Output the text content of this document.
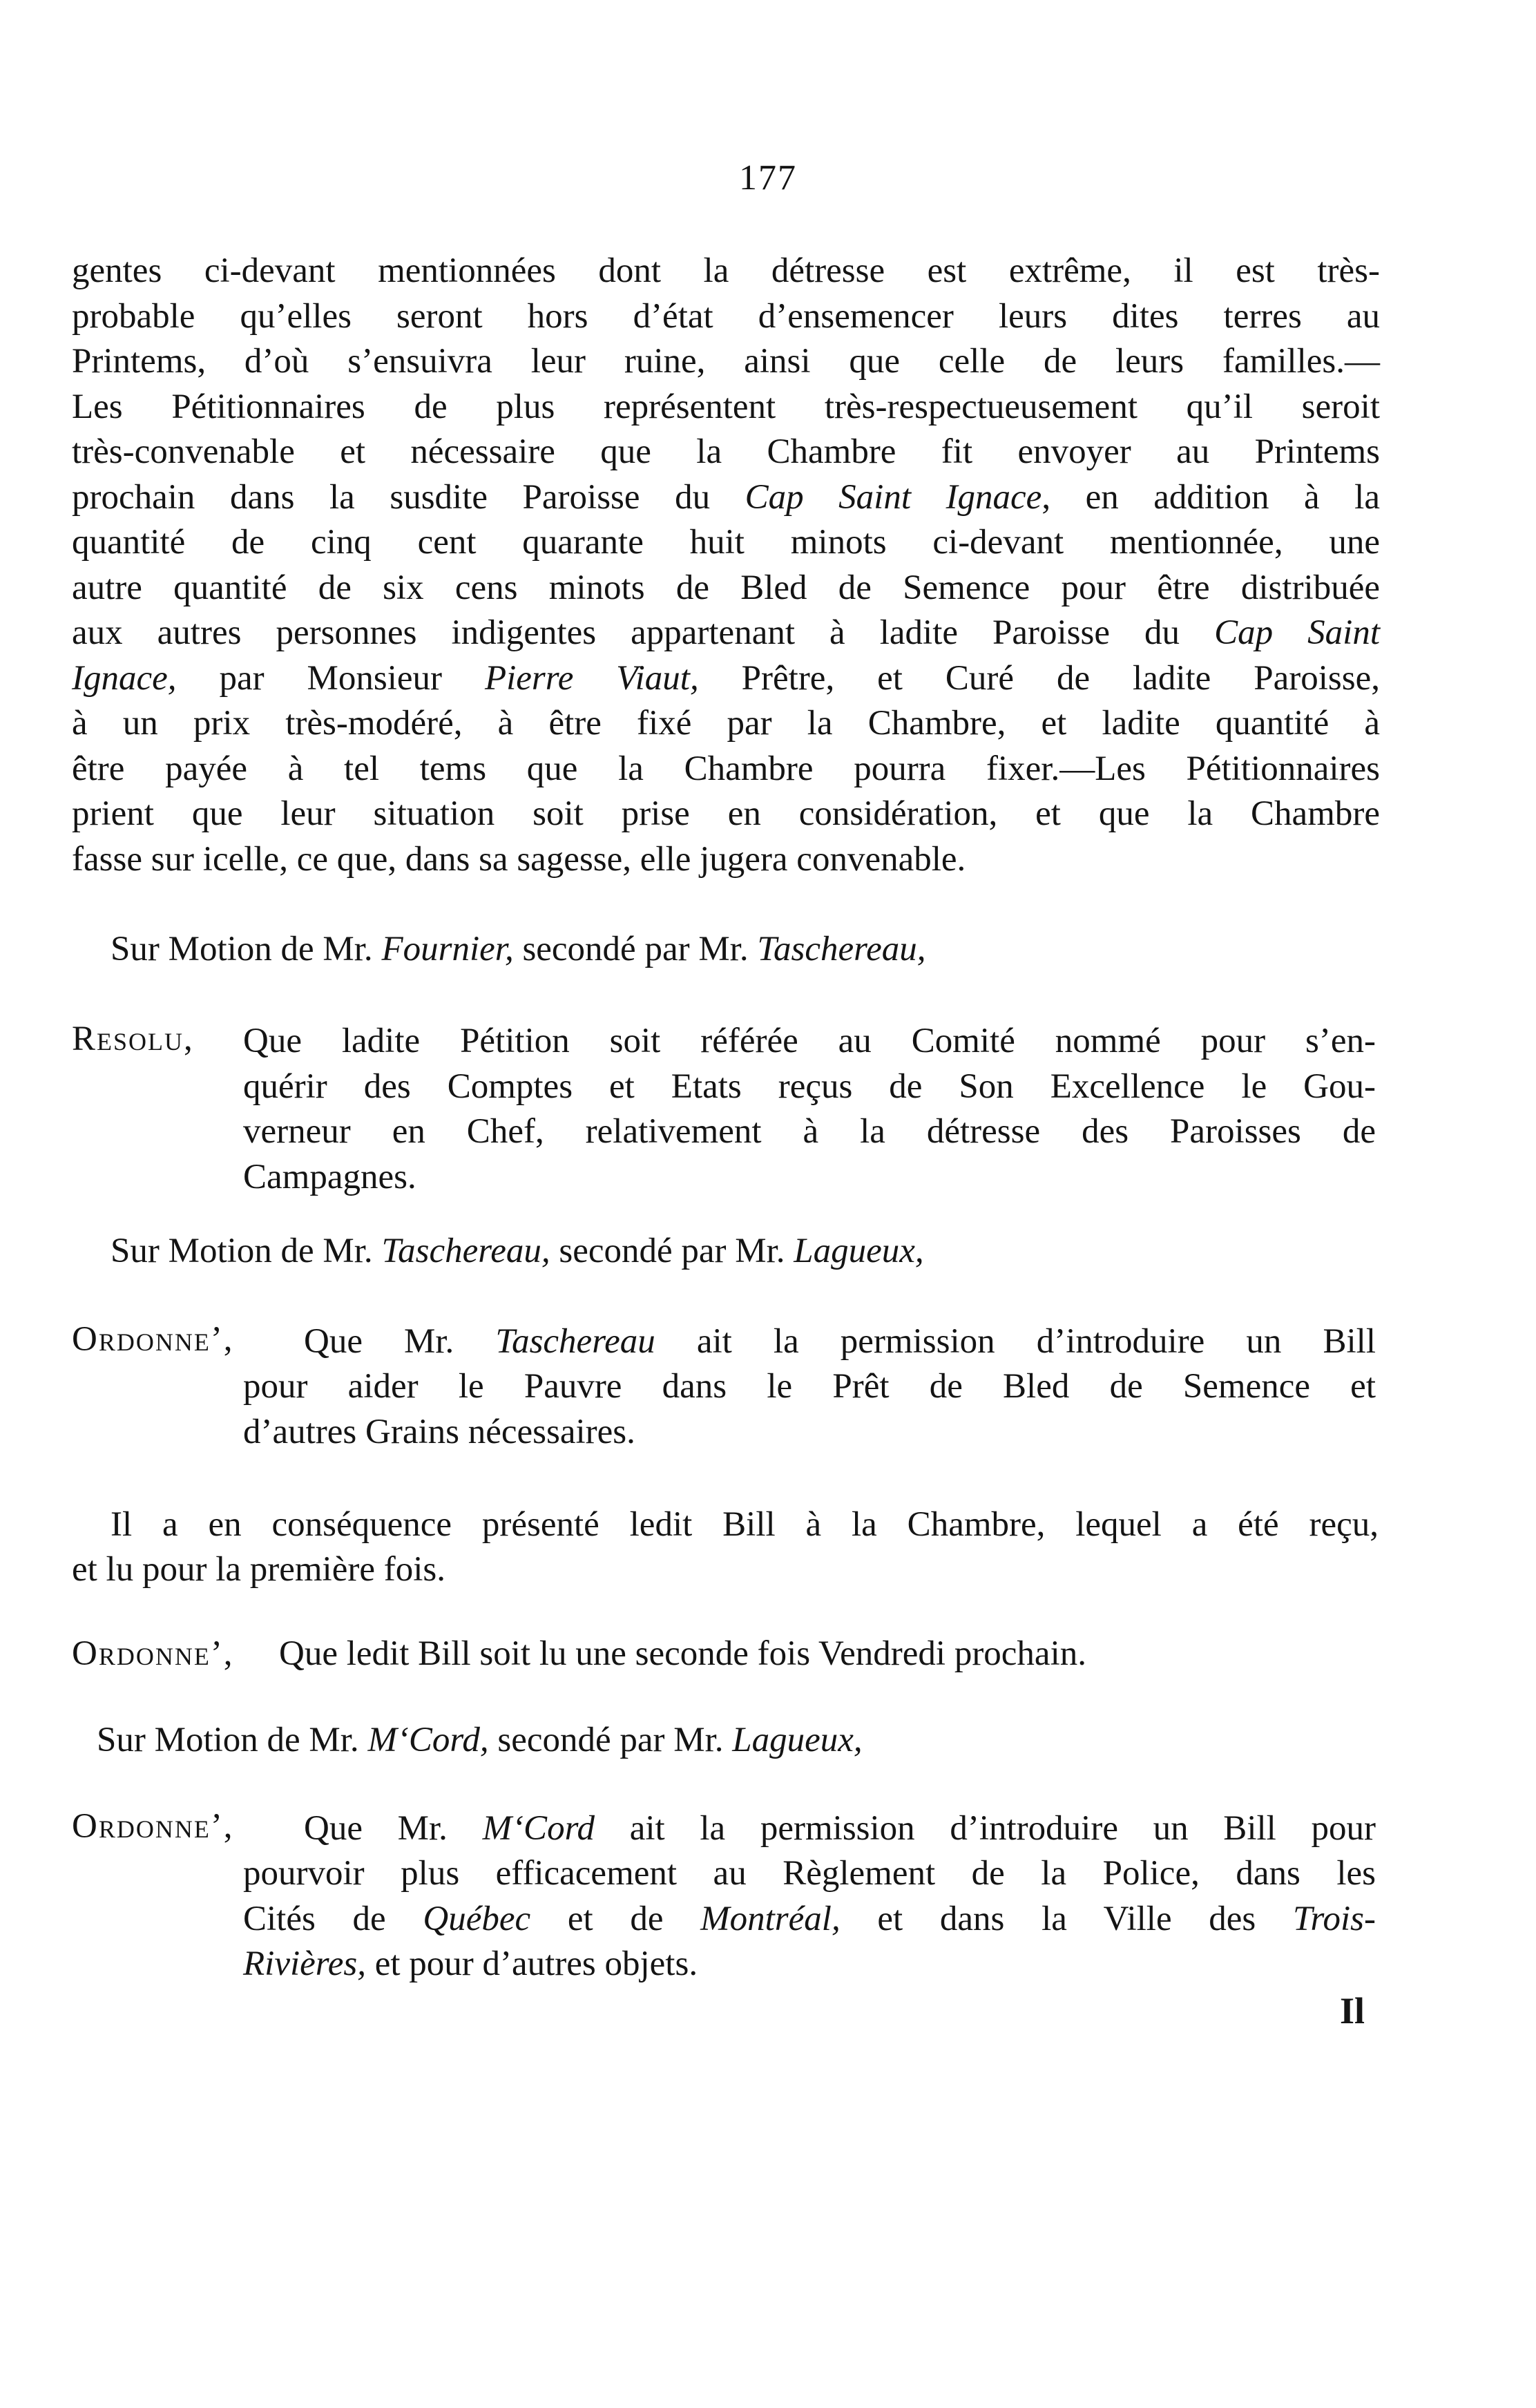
177
gentes ci-devant mentionnées dont la détresse est extrême, il est très-
probable qu’elles seront hors d’état d’ensemencer leurs dites terres au
Printems, d’où s’ensuivra leur ruine, ainsi que celle de leurs familles.—
Les Pétitionnaires de plus représentent très-respectueusement qu’il seroit
très-convenable et nécessaire que la Chambre fit envoyer au Printems
prochain dans la susdite Paroisse du Cap Saint Ignace, en addition à la
quantité de cinq cent quarante huit minots ci-devant mentionnée, une
autre quantité de six cens minots de Bled de Semence pour être distribuée
aux autres personnes indigentes appartenant à ladite Paroisse du Cap Saint
Ignace, par Monsieur Pierre Viaut, Prêtre, et Curé de ladite Paroisse,
à un prix très-modéré, à être fixé par la Chambre, et ladite quantité à
être payée à tel tems que la Chambre pourra fixer.—Les Pétitionnaires
prient que leur situation soit prise en considération, et que la Chambre
fasse sur icelle, ce que, dans sa sagesse, elle jugera convenable.
Sur Motion de Mr. Fournier, secondé par Mr. Taschereau,
Resolu, Que ladite Pétition soit référée au Comité nommé pour s’en-
quérir des Comptes et Etats reçus de Son Excellence le Gou-
verneur en Chef, relativement à la détresse des Paroisses de
Campagnes.
Sur Motion de Mr. Taschereau, secondé par Mr. Lagueux,
Ordonne’, Que Mr. Taschereau ait la permission d’introduire un Bill
pour aider le Pauvre dans le Prêt de Bled de Semence et
d’autres Grains nécessaires.
Il a en conséquence présenté ledit Bill à la Chambre, lequel a été reçu,
et lu pour la première fois.
Ordonne’, Que ledit Bill soit lu une seconde fois Vendredi prochain.
Sur Motion de Mr. M‘Cord, secondé par Mr. Lagueux,
Ordonne’, Que Mr. M‘Cord ait la permission d’introduire un Bill pour
pourvoir plus efficacement au Règlement de la Police, dans les
Cités de Québec et de Montréal, et dans la Ville des Trois-
Rivières, et pour d’autres objets.
Il
